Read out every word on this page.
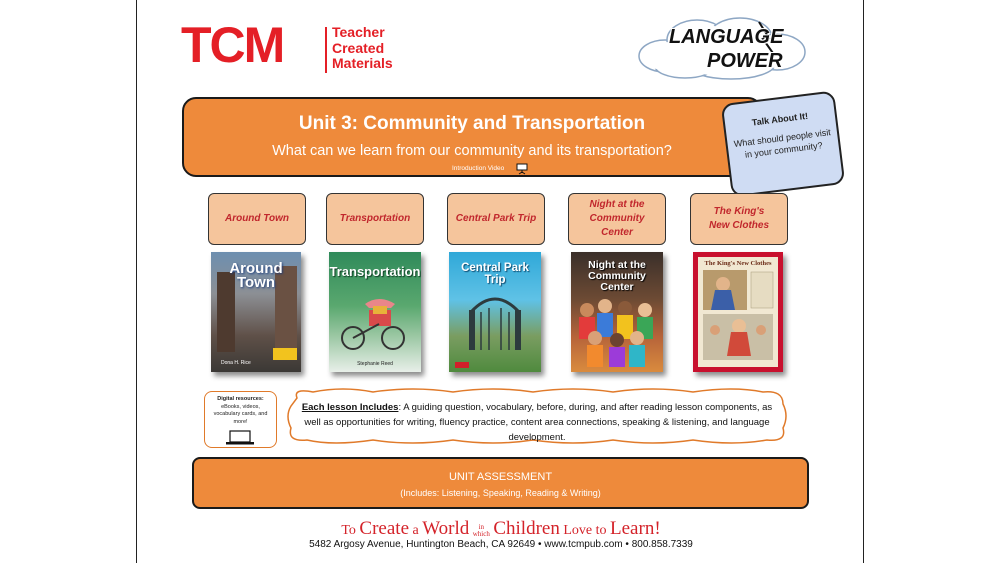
TCM	Teacher
Created
Materials
LANGUAGE
POWER
Unit 3: Community and Transportation
What can we learn from our community and its transportation?
Introduction Video
Talk About It!
What should people visit in your community?
Around Town	Transportation	Central Park Trip
Night at the Community Center
The King's New Clothes
Around Town
Dona H. Rice
Transportation
Stephanie Reed
Central Park Trip
Night at the Community Center
The King's New Clothes
Digital resources:
eBooks, videos, vocabulary cards, and more!
Each lesson Includes: A guiding question, vocabulary, before, during, and after reading lesson components, as well as opportunities for writing, fluency practice, content area connections, speaking & listening, and language development.
UNIT ASSESSMENT
(Includes: Listening, Speaking, Reading & Writing)
To Create a World in
which Children Love to Learn!
5482 Argosy Avenue, Huntington Beach, CA 92649 • www.tcmpub.com • 800.858.7339
